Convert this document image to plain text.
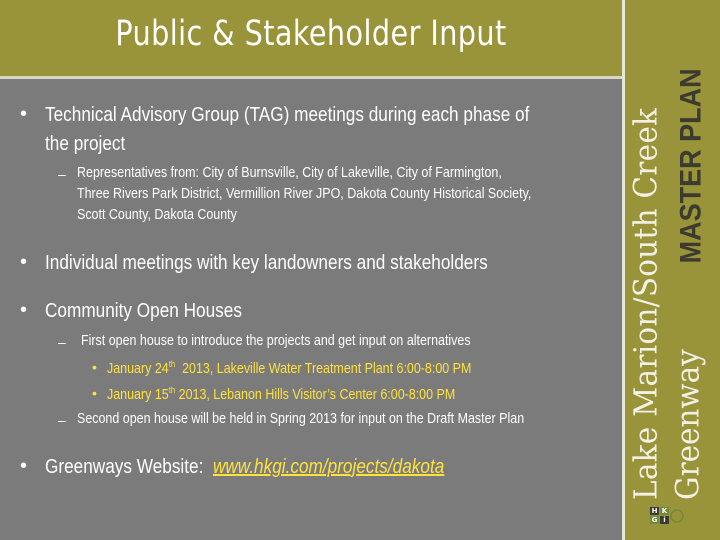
Public & Stakeholder Input
Lake Marion/South Creek Greenway
MASTER PLAN
• Technical Advisory Group (TAG) meetings during each phase of
the project
– Representatives from: City of Burnsville, City of Lakeville, City of Farmington,
Three Rivers Park District, Vermillion River JPO, Dakota County Historical Society,
Scott County, Dakota County
• Individual meetings with key landowners and stakeholders
• Community Open Houses
– First open house to introduce the projects and get input on alternatives
• January 24th 2013, Lakeville Water Treatment Plant 6:00-8:00 PM
• January 15th 2013, Lebanon Hills Visitor’s Center 6:00-8:00 PM
– Second open house will be held in Spring 2013 for input on the Draft Master Plan
• Greenways Website: www.hkgi.com/projects/dakota
H K
G i
